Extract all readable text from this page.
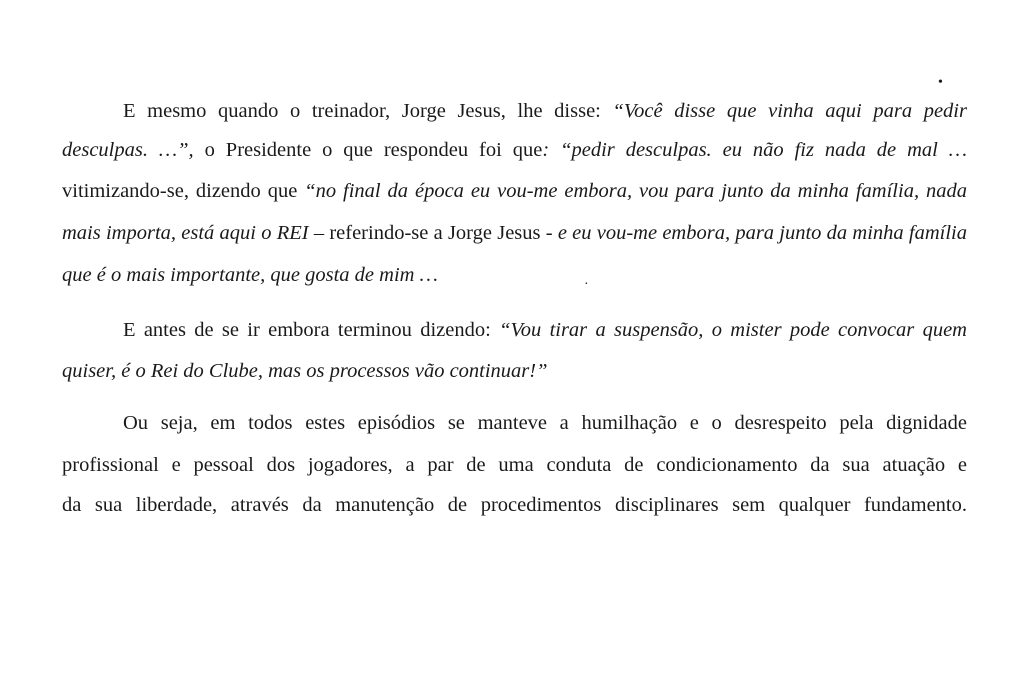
•
·
E mesmo quando o treinador, Jorge Jesus, lhe disse: “Você disse que vinha aqui para pedir
desculpas. …”, o Presidente o que respondeu foi que: “pedir desculpas. eu não fiz nada de mal …
vitimizando-se, dizendo que “no final da época eu vou-me embora, vou para junto da minha família, nada
mais importa, está aqui o REI – referindo-se a Jorge Jesus - e eu vou-me embora, para junto da minha família
que é o mais importante, que gosta de mim …
E antes de se ir embora terminou dizendo: “Vou tirar a suspensão, o mister pode convocar quem
quiser, é o Rei do Clube, mas os processos vão continuar!”
Ou seja, em todos estes episódios se manteve a humilhação e o desrespeito pela dignidade
profissional e pessoal dos jogadores, a par de uma conduta de condicionamento da sua atuação e
da sua liberdade, através da manutenção de procedimentos disciplinares sem qualquer fundamento.
